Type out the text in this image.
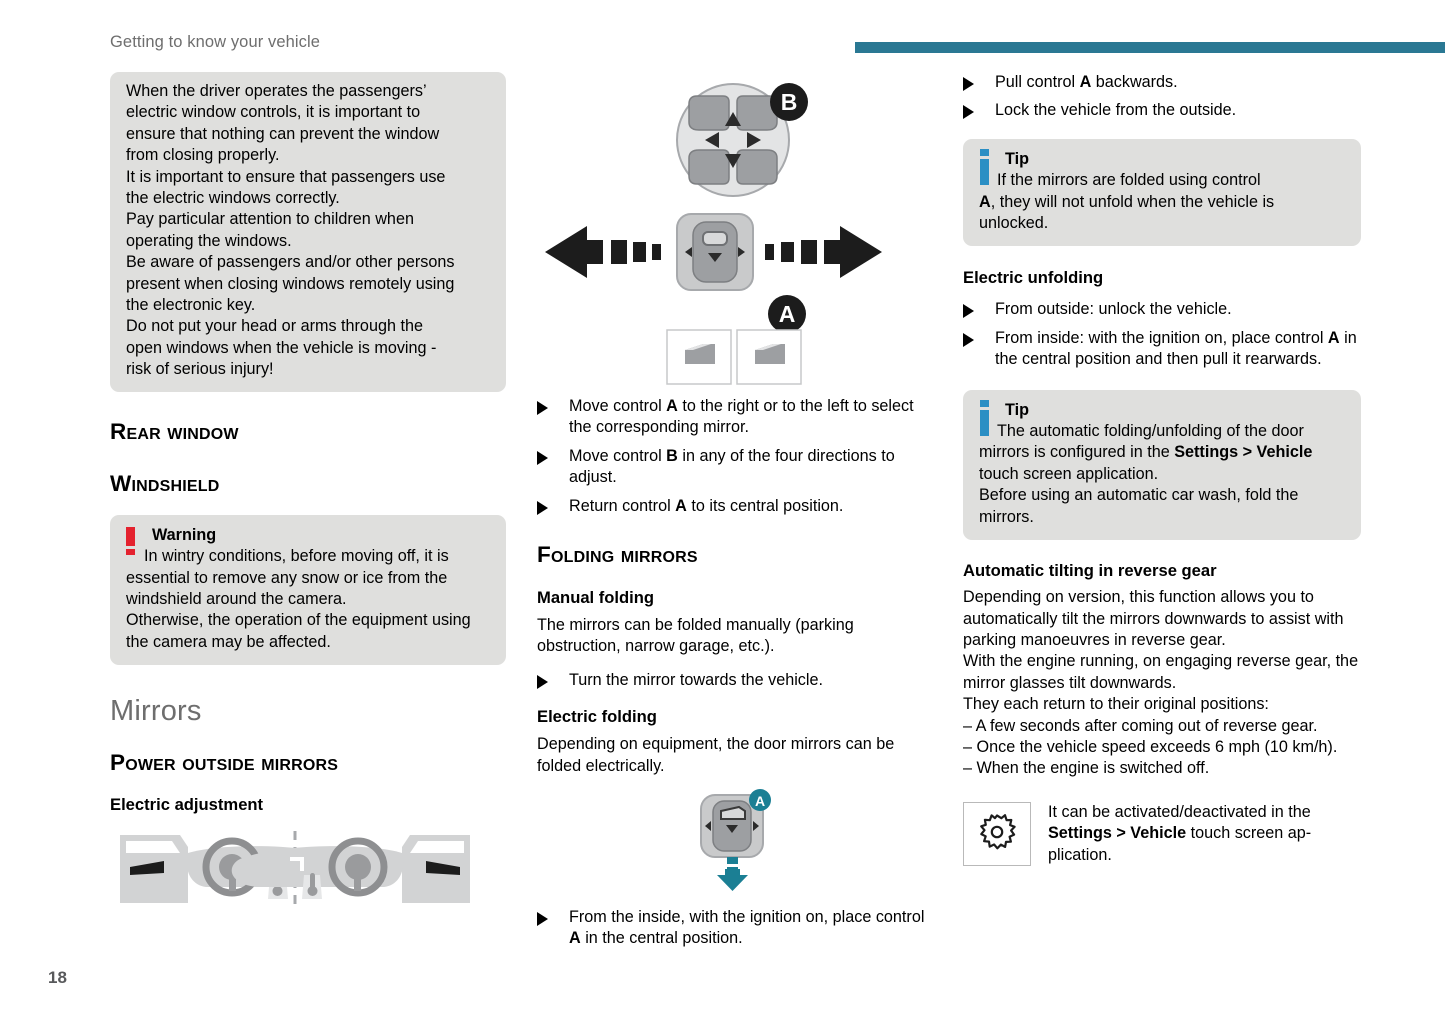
Getting to know your vehicle
18

When the driver operates the passengers’

electric window controls, it is important to

ensure that nothing can prevent the window

from closing properly.

It is important to ensure that passengers use

the electric windows correctly.

Pay particular attention to children when

operating the windows.

Be aware of passengers and/or other persons

present when closing windows remotely using

the electronic key.

Do not put your head or arms through the

open windows when the vehicle is moving -

risk of serious injury!

Rear window
Windshield

Warning

In wintry conditions, before moving off, it is essential to remove any snow or ice from the windshield around the camera.

Otherwise, the operation of the equipment using the camera may be affected.

Mirrors
Power outside mirrors
Electric adjustment
B
A

Move control A to the right or to the left to select the corresponding mirror.

Move control B in any of the four directions to adjust.

Return control A to its central position.

Folding mirrors
Manual folding

The mirrors can be folded manually (parking obstruction, narrow garage, etc.).

Turn the mirror towards the vehicle.

Electric folding

Depending on equipment, the door mirrors can be folded electrically.

A

From the inside, with the ignition on, place control A in the central position.

Pull control A backwards.

Lock the vehicle from the outside.

Tip

If the mirrors are folded using control

A, they will not unfold when the vehicle is unlocked.

Electric unfolding

From outside: unlock the vehicle.

From inside: with the ignition on, place control A in the central position and then pull it rearwards.

Tip

The automatic folding/unfolding of the door mirrors is configured in the Settings > Vehicle touch screen application.

Before using an automatic car wash, fold the mirrors.

Automatic tilting in reverse gear

Depending on version, this function allows you to automatically tilt the mirrors downwards to assist with parking manoeuvres in reverse gear.

With the engine running, on engaging reverse gear, the mirror glasses tilt downwards.

They each return to their original positions:

– A few seconds after coming out of reverse gear.

– Once the vehicle speed exceeds 6 mph (10 km/h).

– When the engine is switched off.

It can be activated/deactivated in the Settings > Vehicle touch screen ap-plication.
